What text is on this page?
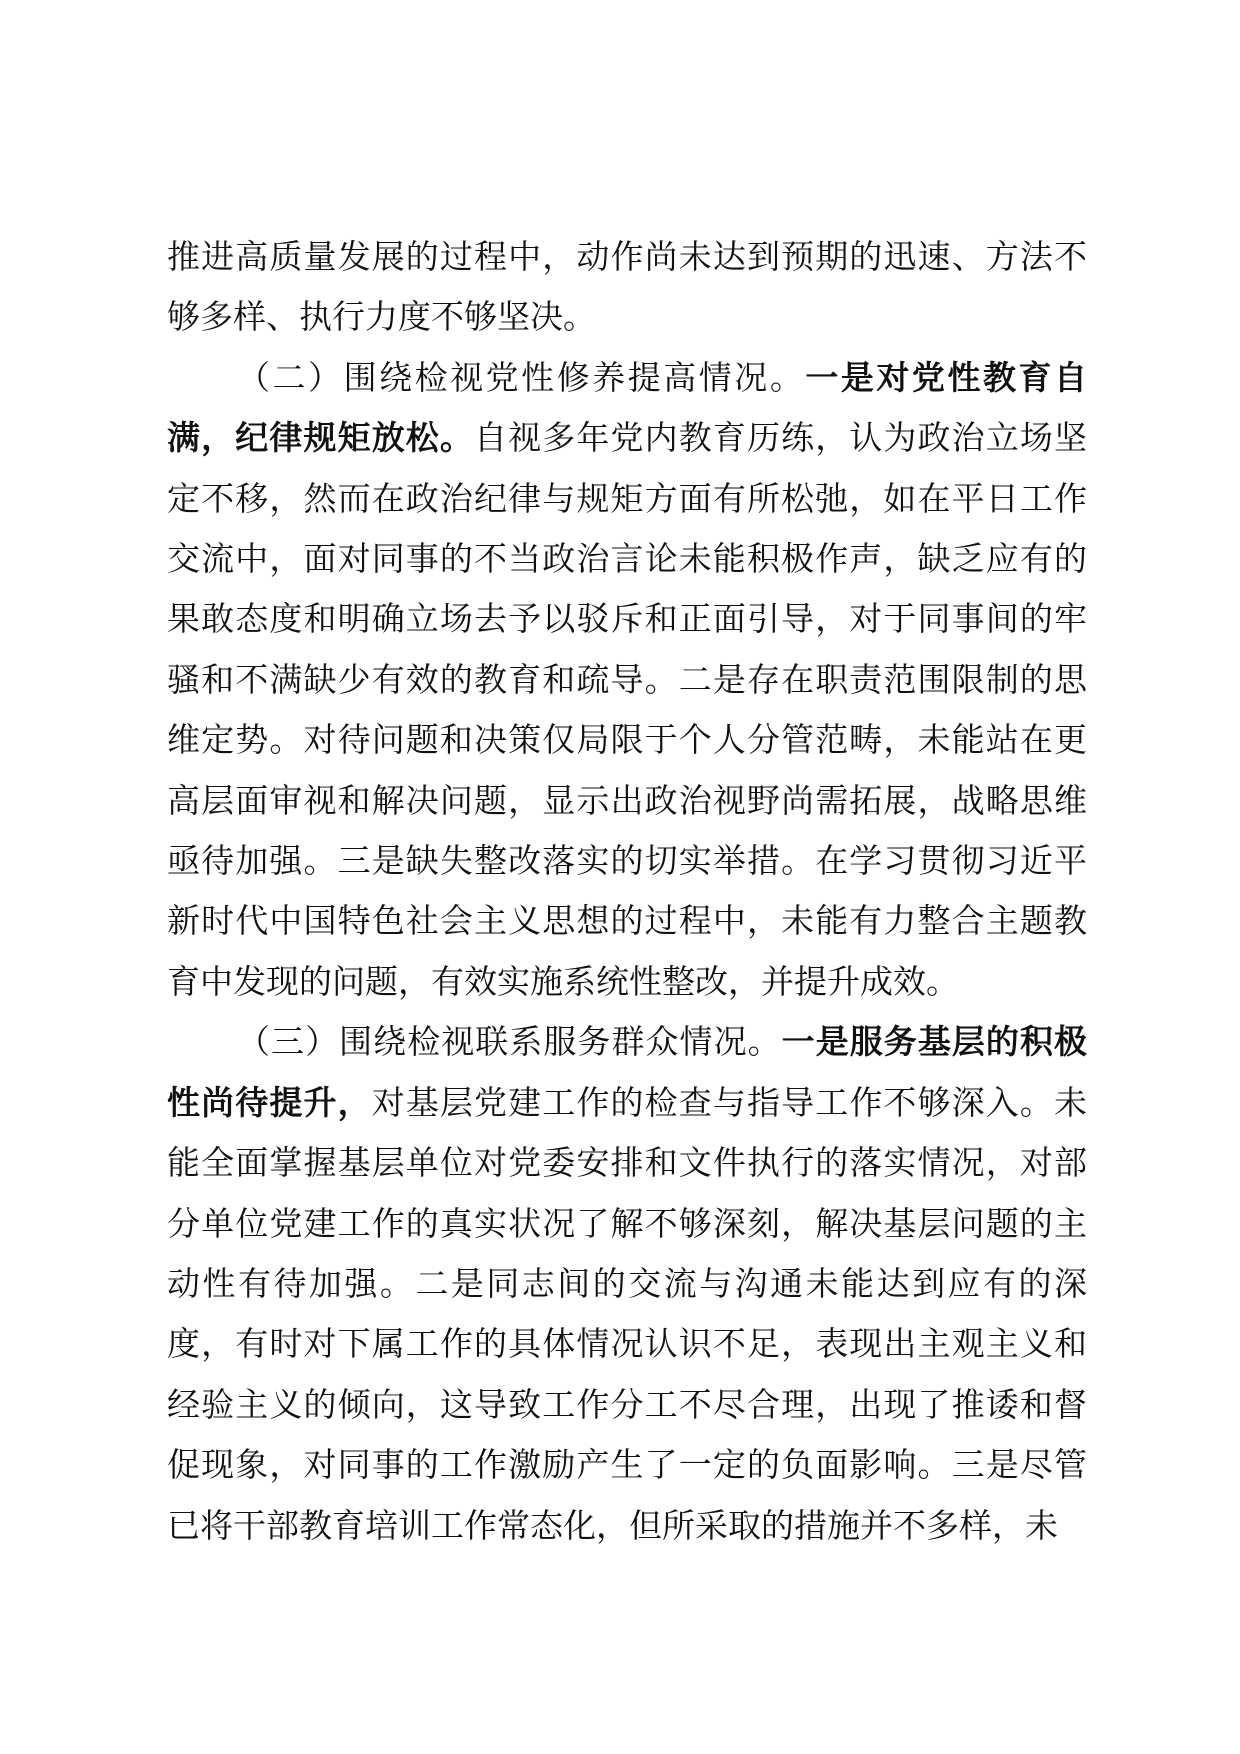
推进高质量发展的过程中，动作尚未达到预期的迅速、方法不够多样、执行力度不够坚决。

（二）围绕检视党性修养提高情况。一是对党性教育自满，纪律规矩放松。自视多年党内教育历练，认为政治立场坚定不移，然而在政治纪律与规矩方面有所松弛，如在平日工作交流中，面对同事的不当政治言论未能积极作声，缺乏应有的果敢态度和明确立场去予以驳斥和正面引导，对于同事间的牢骚和不满缺少有效的教育和疏导。二是存在职责范围限制的思维定势。对待问题和决策仅局限于个人分管范畴，未能站在更高层面审视和解决问题，显示出政治视野尚需拓展，战略思维亟待加强。三是缺失整改落实的切实举措。在学习贯彻习近平新时代中国特色社会主义思想的过程中，未能有力整合主题教育中发现的问题，有效实施系统性整改，并提升成效。

（三）围绕检视联系服务群众情况。一是服务基层的积极性尚待提升，对基层党建工作的检查与指导工作不够深入。未能全面掌握基层单位对党委安排和文件执行的落实情况，对部分单位党建工作的真实状况了解不够深刻，解决基层问题的主动性有待加强。二是同志间的交流与沟通未能达到应有的深度，有时对下属工作的具体情况认识不足，表现出主观主义和经验主义的倾向，这导致工作分工不尽合理，出现了推诿和督促现象，对同事的工作激励产生了一定的负面影响。三是尽管已将干部教育培训工作常态化，但所采取的措施并不多样，未
